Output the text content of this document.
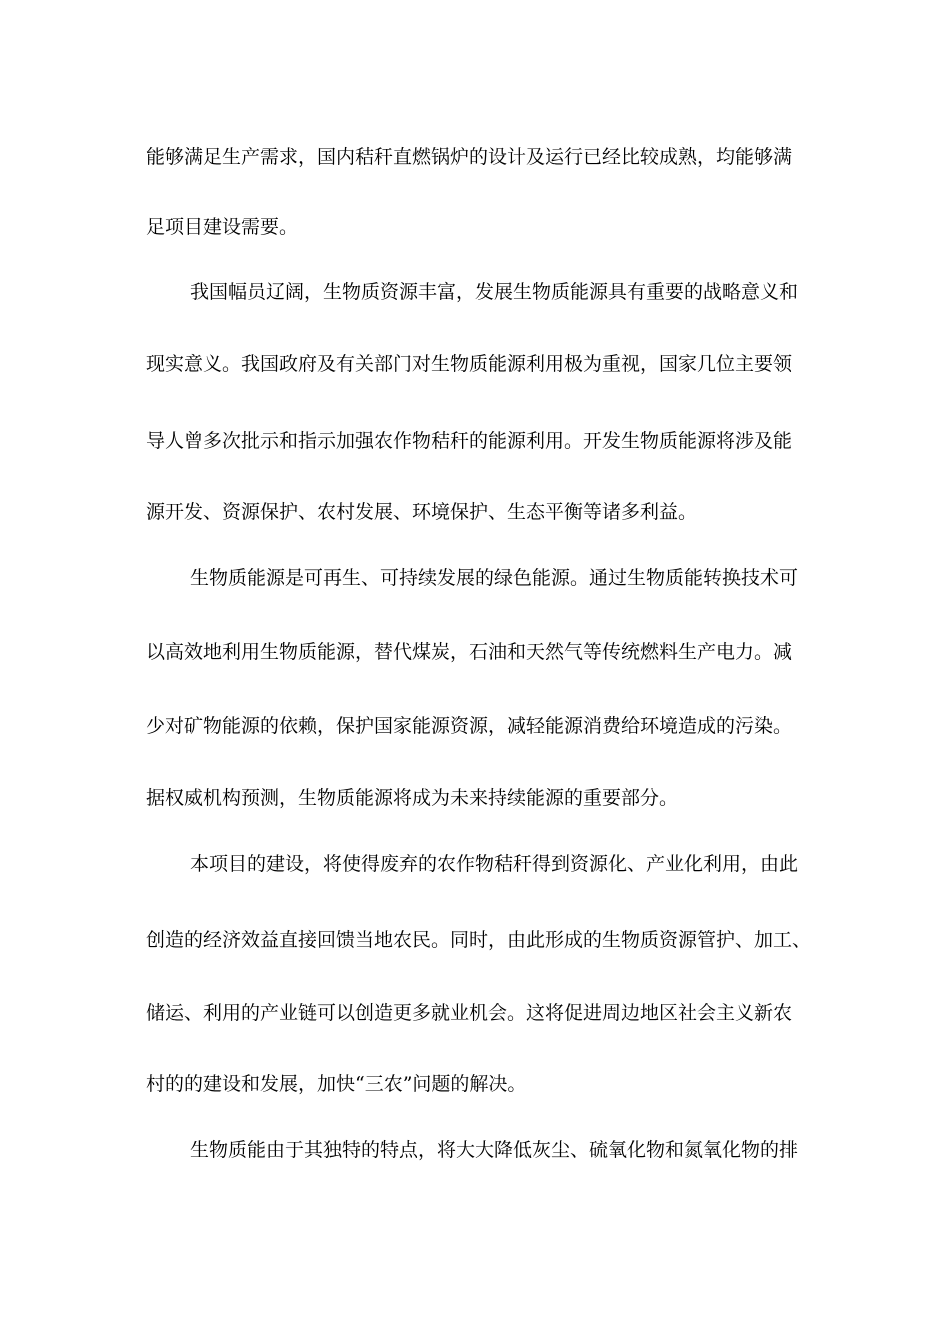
能够满足生产需求，国内秸秆直燃锅炉的设计及运行已经比较成熟，均能够满
足项目建设需要。
我国幅员辽阔，生物质资源丰富，发展生物质能源具有重要的战略意义和
现实意义。我国政府及有关部门对生物质能源利用极为重视，国家几位主要领
导人曾多次批示和指示加强农作物秸秆的能源利用。开发生物质能源将涉及能
源开发、资源保护、农村发展、环境保护、生态平衡等诸多利益。
生物质能源是可再生、可持续发展的绿色能源。通过生物质能转换技术可
以高效地利用生物质能源，替代煤炭，石油和天然气等传统燃料生产电力。减
少对矿物能源的依赖，保护国家能源资源，减轻能源消费给环境造成的污染。
据权威机构预测，生物质能源将成为未来持续能源的重要部分。
本项目的建设，将使得废弃的农作物秸秆得到资源化、产业化利用，由此
创造的经济效益直接回馈当地农民。同时，由此形成的生物质资源管护、加工、
储运、利用的产业链可以创造更多就业机会。这将促进周边地区社会主义新农
村的的建设和发展，加快“三农”问题的解决。
生物质能由于其独特的特点，将大大降低灰尘、硫氧化物和氮氧化物的排
